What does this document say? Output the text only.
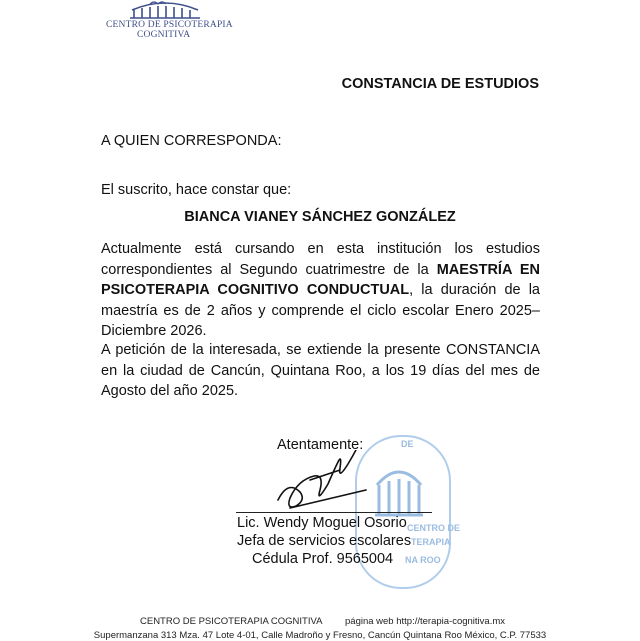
CENTRO DE PSICOTERAPIA
COGNITIVA
CONSTANCIA DE ESTUDIOS
A QUIEN CORRESPONDA:
El suscrito, hace constar que:
BIANCA VIANEY SÁNCHEZ GONZÁLEZ
Actualmente está cursando en esta institución los estudios correspondientes al Segundo cuatrimestre de la MAESTRÍA EN PSICOTERAPIA COGNITIVO CONDUCTUAL, la duración de la maestría es de 2 años y comprende el ciclo escolar Enero 2025–Diciembre 2026.
A petición de la interesada, se extiende la presente CONSTANCIA en la ciudad de Cancún, Quintana Roo, a los 19 días del mes de Agosto del año 2025.
DE
CENTRO DE
TERAPIA
NA ROO
Atentamente:
Lic. Wendy Moguel Osorio
Jefa de servicios escolares
Cédula Prof. 9565004
CENTRO DE PSICOTERAPIA COGNITIVA página web http://terapia-cognitiva.mx
Supermanzana 313 Mza. 47 Lote 4-01, Calle Madroño y Fresno, Cancún Quintana Roo México, C.P. 77533
